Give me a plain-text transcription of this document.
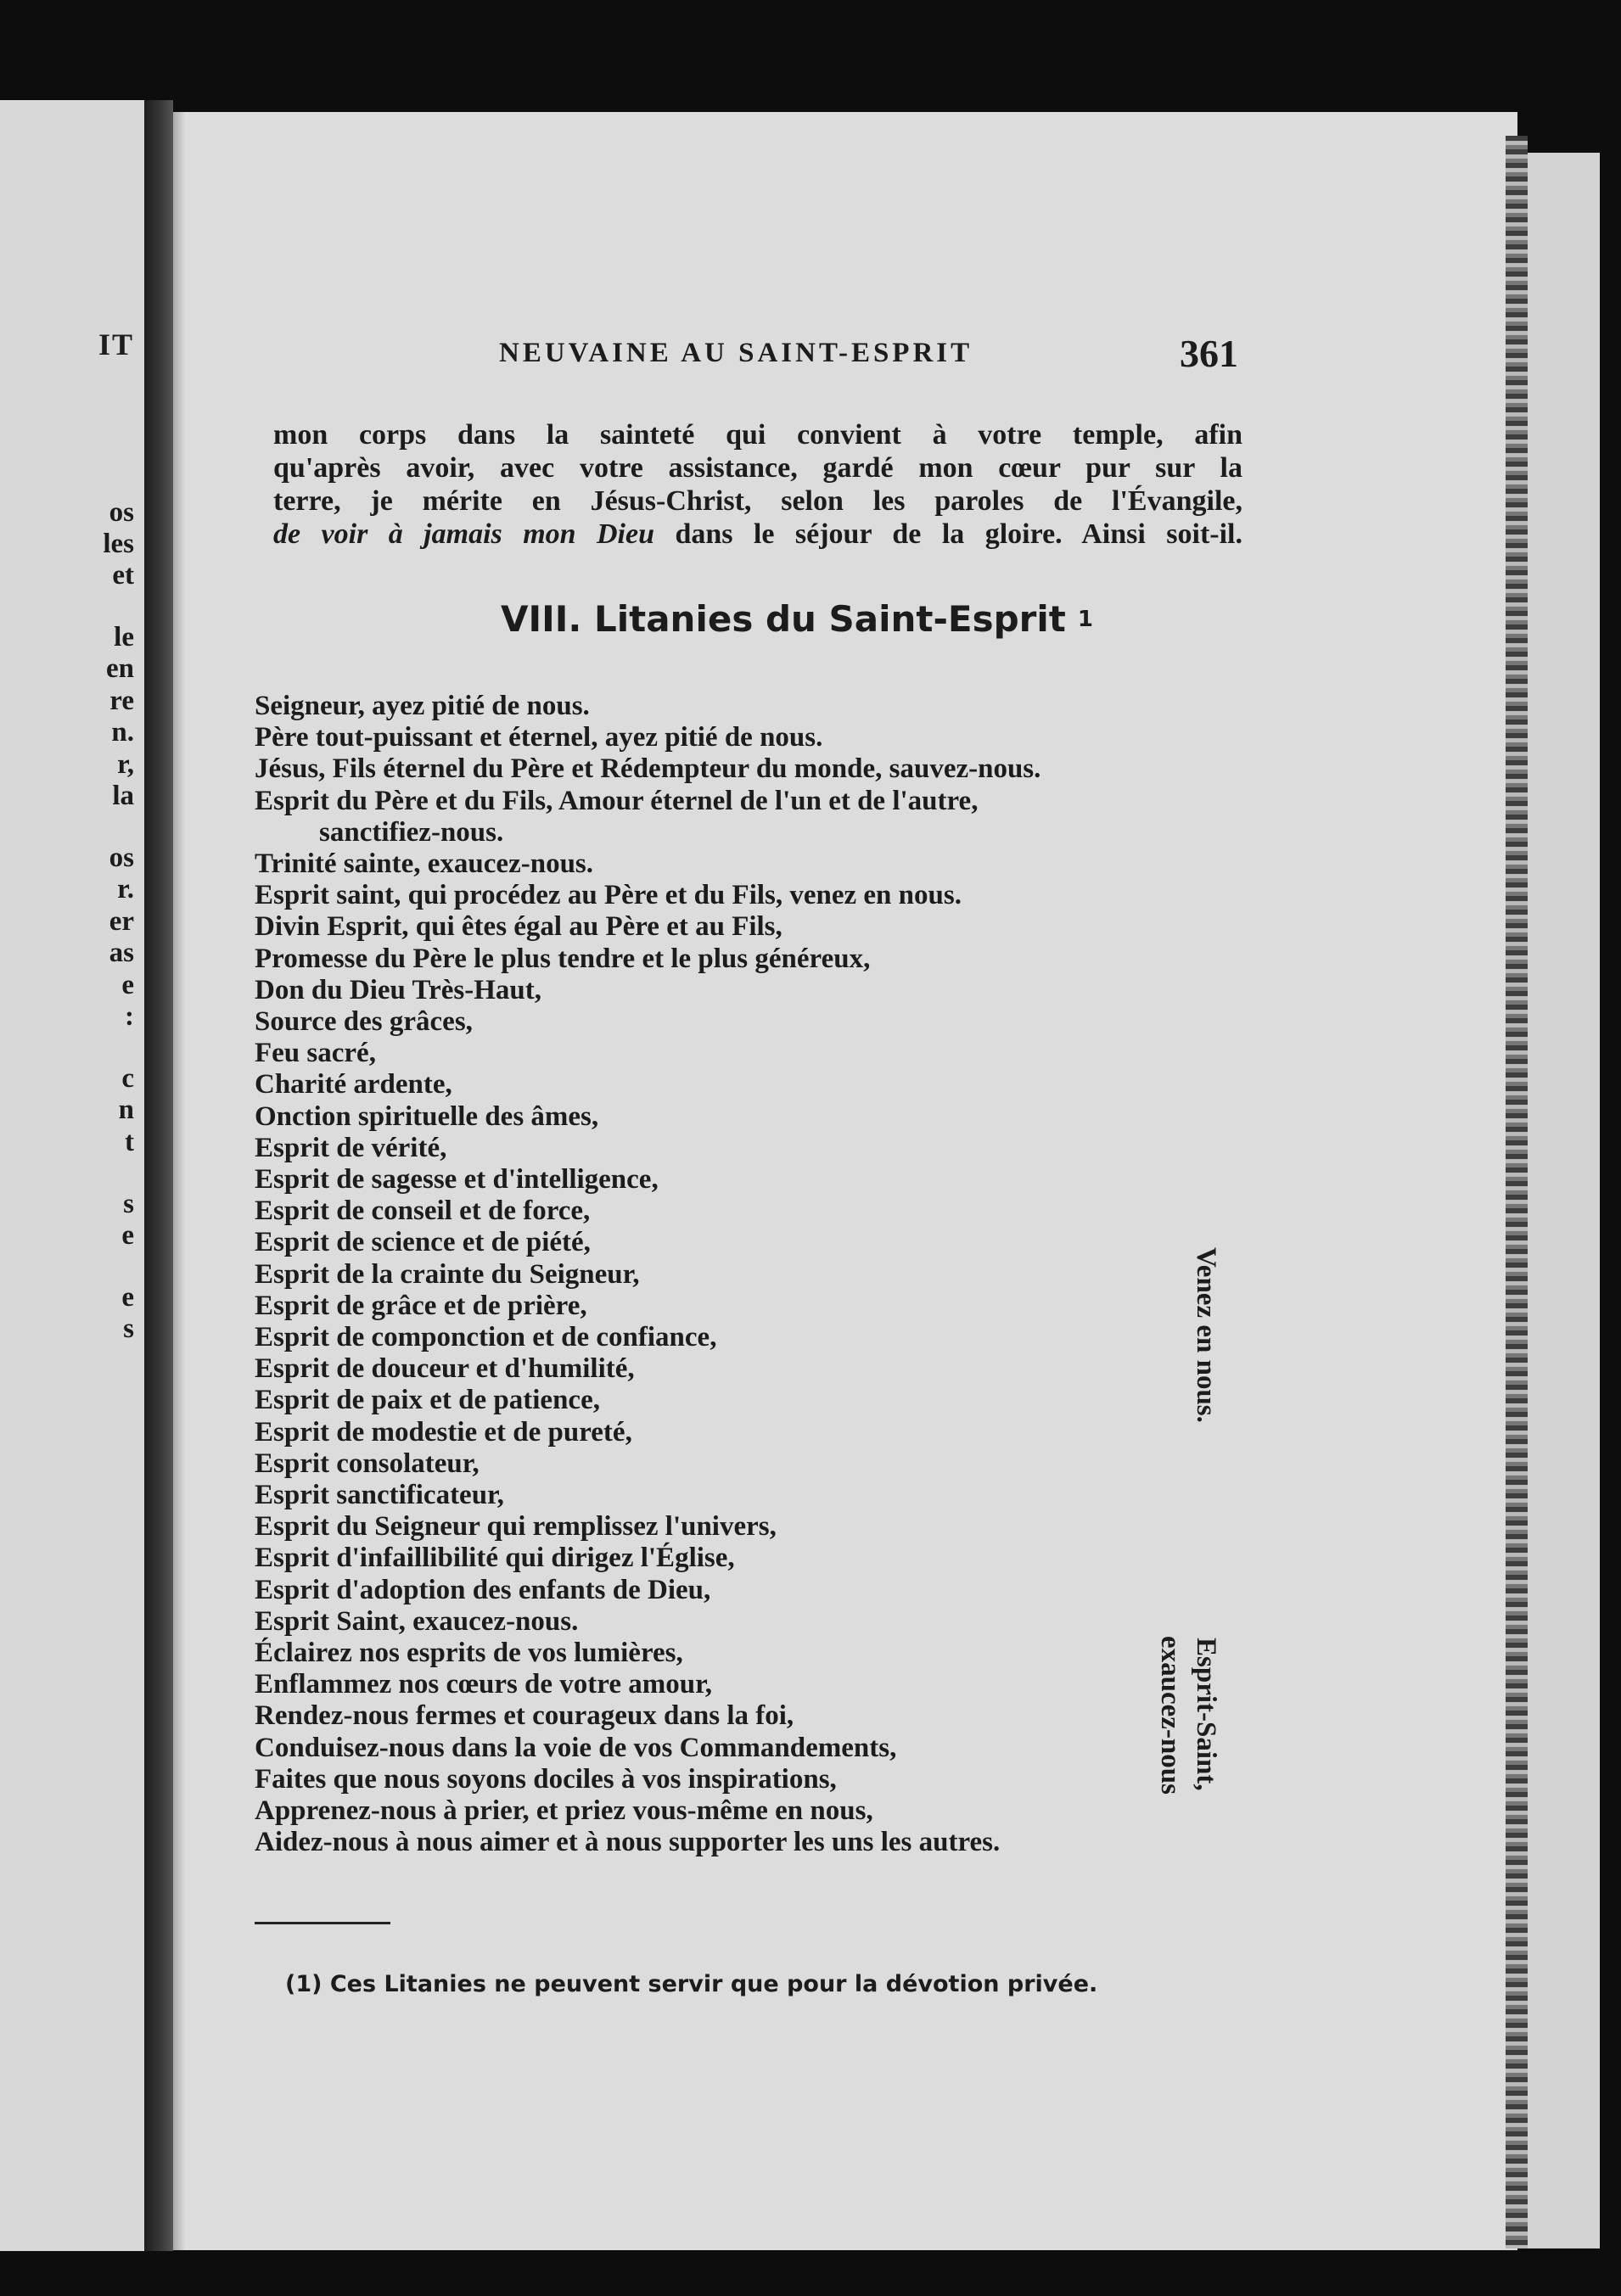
IT
os
les
et
le
en
re
n.
r,
la
os
r.
er
as
e
:
c
n
t
s
e
e
s
NEUVAINE AU SAINT-ESPRIT	361
mon corps dans la sainteté qui convient à votre temple, afin
qu'après avoir, avec votre assistance, gardé mon cœur pur sur la
terre, je mérite en Jésus-Christ, selon les paroles de l'Évangile,
de voir à jamais mon Dieu dans le séjour de la gloire. Ainsi soit-il.
VIII. Litanies du Saint-Esprit $^1$
Seigneur, ayez pitié de nous.
Père tout-puissant et éternel, ayez pitié de nous.
Jésus, Fils éternel du Père et Rédempteur du monde, sauvez-nous.
Esprit du Père et du Fils, Amour éternel de l'un et de l'autre,
sanctifiez-nous.
Trinité sainte, exaucez-nous.
Esprit saint, qui procédez au Père et du Fils, venez en nous.
Divin Esprit, qui êtes égal au Père et au Fils,
Promesse du Père le plus tendre et le plus généreux,
Don du Dieu Très-Haut,
Source des grâces,
Feu sacré,
Charité ardente,
Onction spirituelle des âmes,
Esprit de vérité,
Esprit de sagesse et d'intelligence,
Esprit de conseil et de force,
Esprit de science et de piété,
Esprit de la crainte du Seigneur,
Esprit de grâce et de prière,
Esprit de componction et de confiance,
Esprit de douceur et d'humilité,
Esprit de paix et de patience,
Esprit de modestie et de pureté,
Esprit consolateur,
Esprit sanctificateur,
Esprit du Seigneur qui remplissez l'univers,
Esprit d'infaillibilité qui dirigez l'Église,
Esprit d'adoption des enfants de Dieu,
Esprit Saint, exaucez-nous.
Éclairez nos esprits de vos lumières,
Enflammez nos cœurs de votre amour,
Rendez-nous fermes et courageux dans la foi,
Conduisez-nous dans la voie de vos Commandements,
Faites que nous soyons dociles à vos inspirations,
Apprenez-nous à prier, et priez vous-même en nous,
Aidez-nous à nous aimer et à nous supporter les uns les autres.
Venez en nous.
Esprit-Saint,
exaucez-nous
(1) Ces Litanies ne peuvent servir que pour la dévotion privée.
